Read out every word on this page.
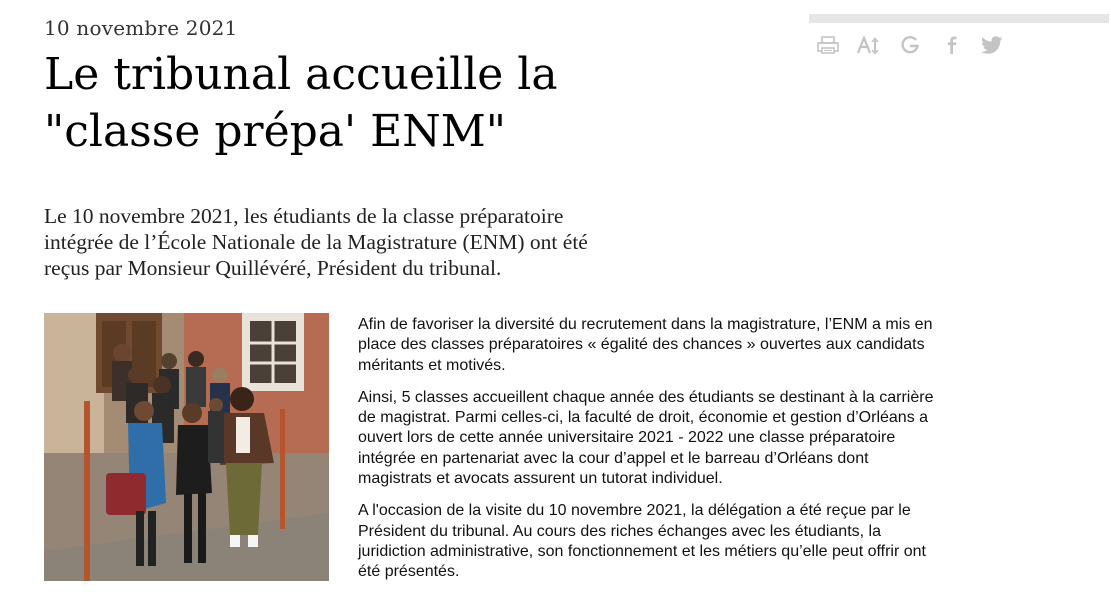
10 novembre 2021
Le tribunal accueille la
"classe prépa' ENM"

Le 10 novembre 2021, les étudiants de la classe préparatoire
intégrée de l’École Nationale de la Magistrature (ENM) ont été
reçus par Monsieur Quillévéré, Président du tribunal.

Afin de favoriser la diversité du recrutement dans la magistrature, l’ENM a mis en
place des classes préparatoires « égalité des chances » ouvertes aux candidats
méritants et motivés.

Ainsi, 5 classes accueillent chaque année des étudiants se destinant à la carrière
de magistrat. Parmi celles-ci, la faculté de droit, économie et gestion d’Orléans a
ouvert lors de cette année universitaire 2021 - 2022 une classe préparatoire
intégrée en partenariat avec la cour d’appel et le barreau d’Orléans dont
magistrats et avocats assurent un tutorat individuel.

A l'occasion de la visite du 10 novembre 2021, la délégation a été reçue par le
Président du tribunal. Au cours des riches échanges avec les étudiants, la
juridiction administrative, son fonctionnement et les métiers qu’elle peut offrir ont
été présentés.
